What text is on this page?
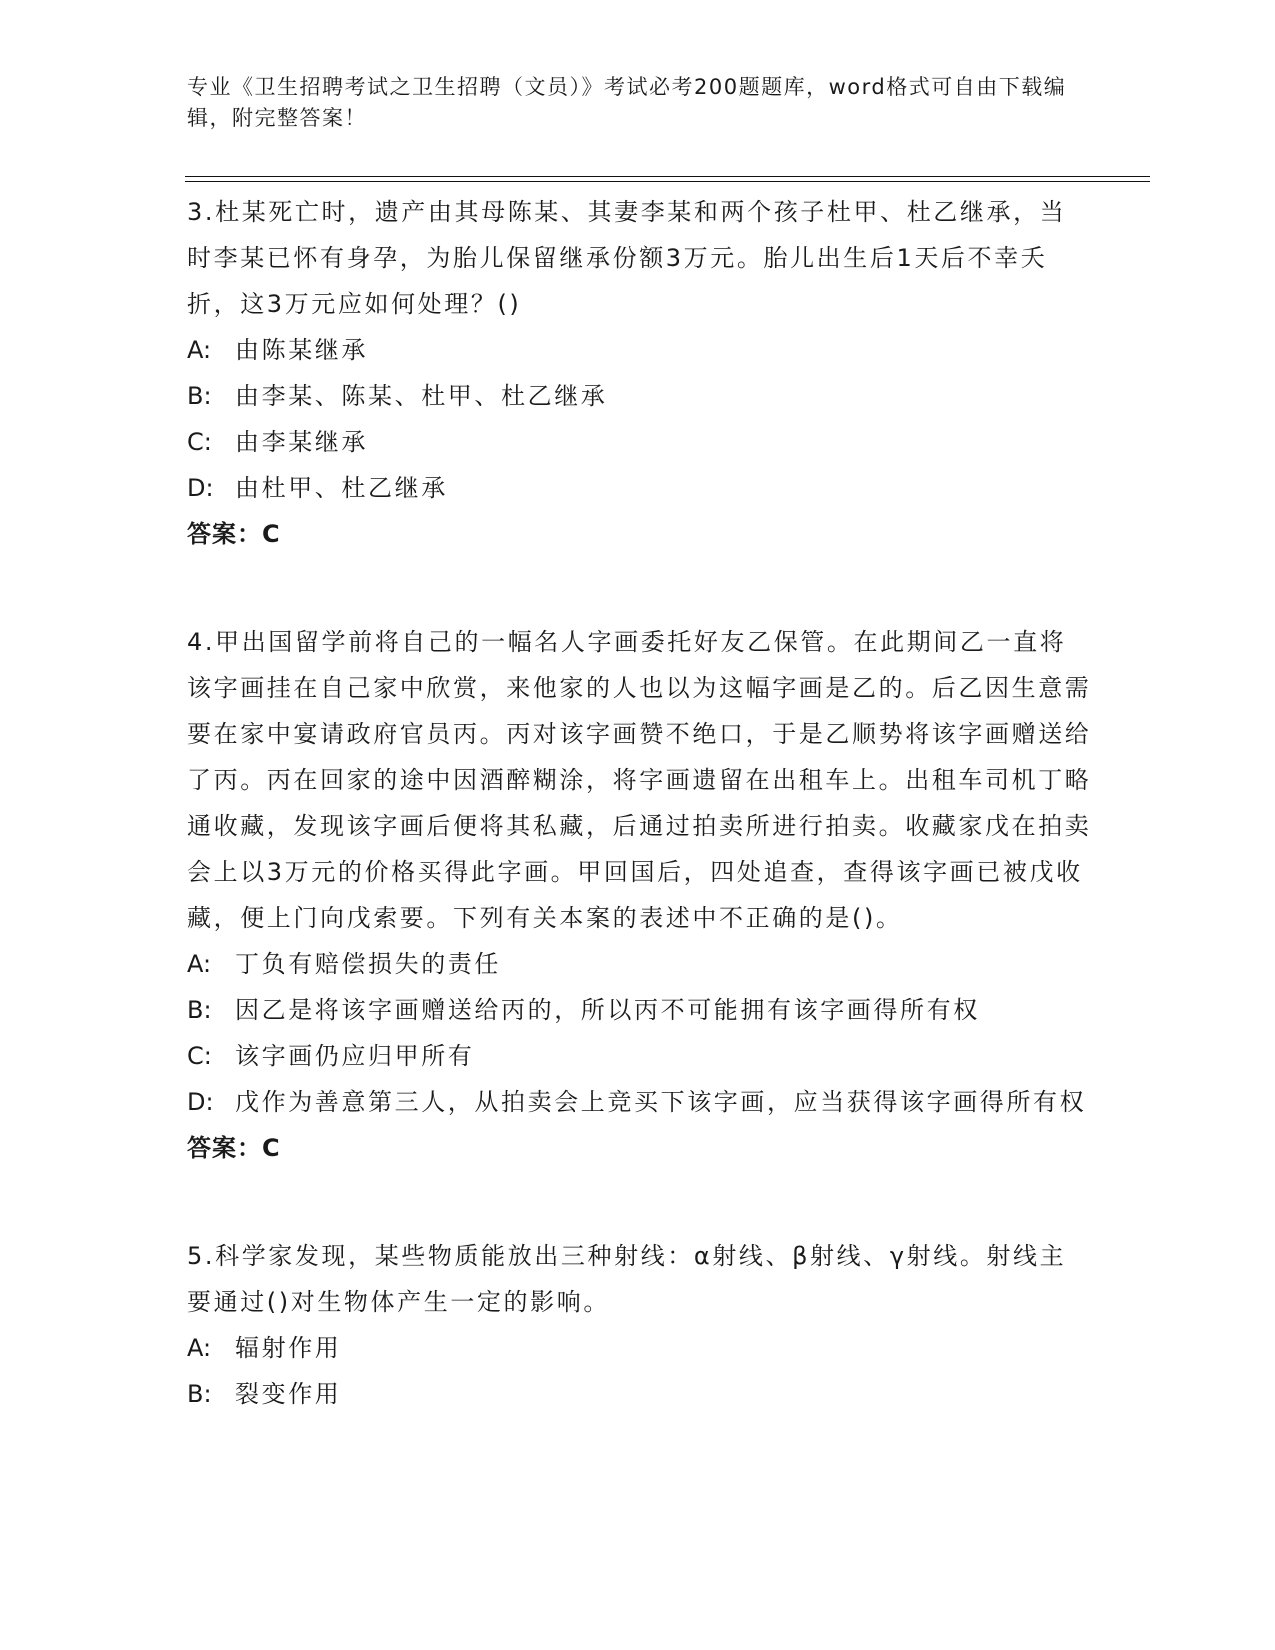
专业《卫生招聘考试之卫生招聘（文员）》考试必考200题题库，word格式可自由下载编辑，附完整答案！

3.杜某死亡时，遗产由其母陈某、其妻李某和两个孩子杜甲、杜乙继承，当时李某已怀有身孕，为胎儿保留继承份额3万元。胎儿出生后1天后不幸夭折，这3万元应如何处理？()

A: 由陈某继承

B: 由李某、陈某、杜甲、杜乙继承

C: 由李某继承

D: 由杜甲、杜乙继承

答案：C

4.甲出国留学前将自己的一幅名人字画委托好友乙保管。在此期间乙一直将该字画挂在自己家中欣赏，来他家的人也以为这幅字画是乙的。后乙因生意需要在家中宴请政府官员丙。丙对该字画赞不绝口，于是乙顺势将该字画赠送给了丙。丙在回家的途中因酒醉糊涂，将字画遗留在出租车上。出租车司机丁略通收藏，发现该字画后便将其私藏，后通过拍卖所进行拍卖。收藏家戊在拍卖会上以3万元的价格买得此字画。甲回国后，四处追查，查得该字画已被戊收藏，便上门向戊索要。下列有关本案的表述中不正确的是()。

A: 丁负有赔偿损失的责任

B: 因乙是将该字画赠送给丙的，所以丙不可能拥有该字画得所有权

C: 该字画仍应归甲所有

D: 戊作为善意第三人，从拍卖会上竞买下该字画，应当获得该字画得所有权

答案：C

5.科学家发现，某些物质能放出三种射线：α射线、β射线、γ射线。射线主要通过()对生物体产生一定的影响。

A: 辐射作用

B: 裂变作用
